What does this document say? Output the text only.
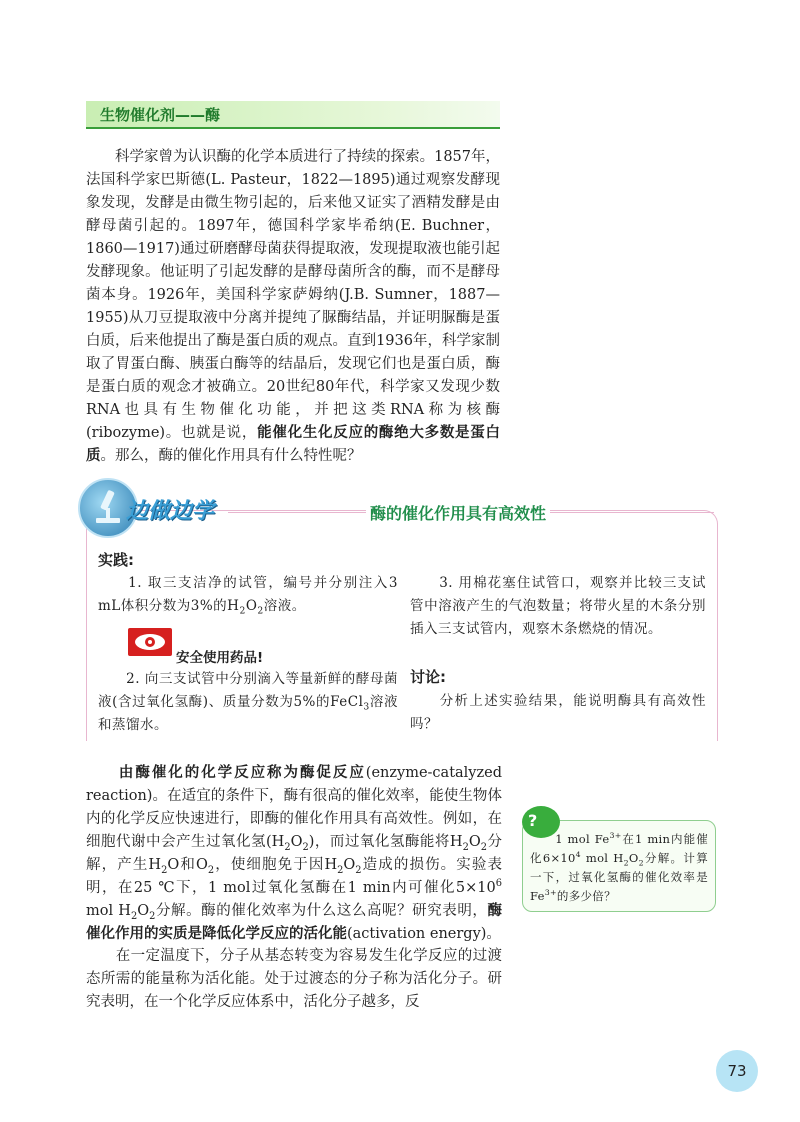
生物催化剂——酶

　　科学家曾为认识酶的化学本质进行了持续的探索。1857年，法国科学家巴斯德(L. Pasteur，1822—1895)通过观察发酵现象发现，发酵是由微生物引起的，后来他又证实了酒精发酵是由酵母菌引起的。1897年，德国科学家毕希纳(E. Buchner，1860—1917)通过研磨酵母菌获得提取液，发现提取液也能引起发酵现象。他证明了引起发酵的是酵母菌所含的酶，而不是酵母菌本身。1926年，美国科学家萨姆纳(J.B. Sumner，1887—1955)从刀豆提取液中分离并提纯了脲酶结晶，并证明脲酶是蛋白质，后来他提出了酶是蛋白质的观点。直到1936年，科学家制取了胃蛋白酶、胰蛋白酶等的结晶后，发现它们也是蛋白质，酶是蛋白质的观念才被确立。20世纪80年代，科学家又发现少数RNA也具有生物催化功能，并把这类RNA称为核酶(ribozyme)。也就是说，能催化生化反应的酶绝大多数是蛋白质。那么，酶的催化作用具有什么特性呢？

边做边学	酶的催化作用具有高效性
实践:

　　1. 取三支洁净的试管，编号并分别注入3 mL体积分数为3%的$H_2O_2$溶液。

安全使用药品!

　　2. 向三支试管中分别滴入等量新鲜的酵母菌液(含过氧化氢酶)、质量分数为5%的FeCl$_3$溶液和蒸馏水。

　　3. 用棉花塞住试管口，观察并比较三支试管中溶液产生的气泡数量；将带火星的木条分别插入三支试管内，观察木条燃烧的情况。

讨论:

　　分析上述实验结果，能说明酶具有高效性吗？

　　由酶催化的化学反应称为酶促反应(enzyme-catalyzed reaction)。在适宜的条件下，酶有很高的催化效率，能使生物体内的化学反应快速进行，即酶的催化作用具有高效性。例如，在细胞代谢中会产生过氧化氢$(H_2O_2)$，而过氧化氢酶能将$H_2O_2$分解，产生$H_2O$和$O_2$，使细胞免于因$H_2O_2$造成的损伤。实验表明，在25 ℃下，1 mol过氧化氢酶在1 min内可催化$5\times 10^6$ mol $H_2O_2$分解。酶的催化效率为什么这么高呢？研究表明，酶催化作用的实质是降低化学反应的活化能(activation energy)。

　　在一定温度下，分子从基态转变为容易发生化学反应的过渡态所需的能量称为活化能。处于过渡态的分子称为活化分子。研究表明，在一个化学反应体系中，活化分子越多，反

?

　　1 mol $Fe^{3+}$在1 min内能催化$6\times 10^4$ mol $H_2O_2$分解。计算一下，过氧化氢酶的催化效率是$Fe^{3+}$的多少倍？

73
